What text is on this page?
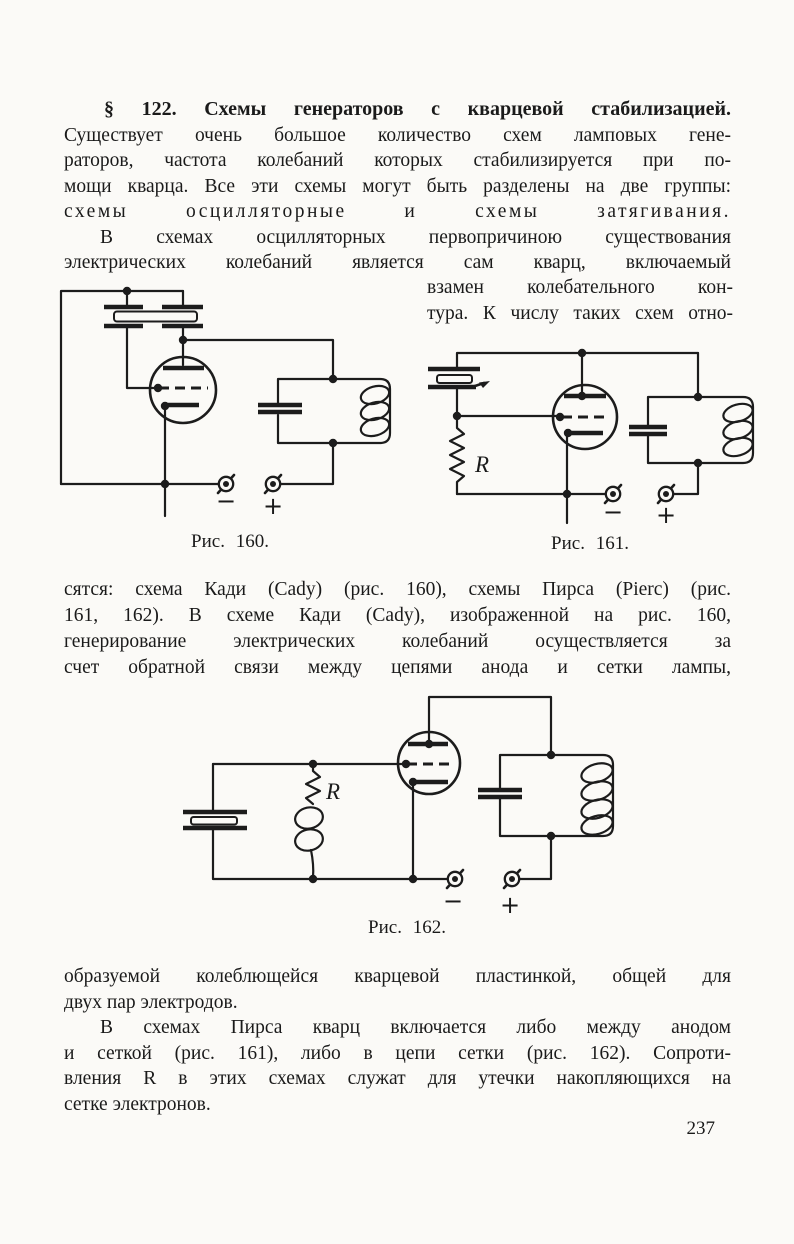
§ 122. Схемы генераторов с кварцевой стабилизацией.
Существует очень большое количество схем ламповых гене-
раторов, частота колебаний которых стабилизируется при по-
мощи кварца. Все эти схемы могут быть разделены на две группы:
схемы осцилляторные и схемы затягивания.
В схемах осцилляторных первопричиною существования
электрических колебаний является сам кварц, включаемый
взамен колебательного кон-
тура. К числу таких схем отно-
− +
Рис. 160.
R
− +
Рис. 161.
сятся: схема Кади (Cady) (рис. 160), схемы Пирса (Pierc) (рис.
161, 162). В схеме Кади (Cady), изображенной на рис. 160,
генерирование электрических колебаний осуществляется за
счет обратной связи между цепями анода и сетки лампы,
R
− +
Рис. 162.
образуемой колеблющейся кварцевой пластинкой, общей для
двух пар электродов.
В схемах Пирса кварц включается либо между анодом
и сеткой (рис. 161), либо в цепи сетки (рис. 162). Сопроти-
вления R в этих схемах служат для утечки накопляющихся на
сетке электронов.
237
